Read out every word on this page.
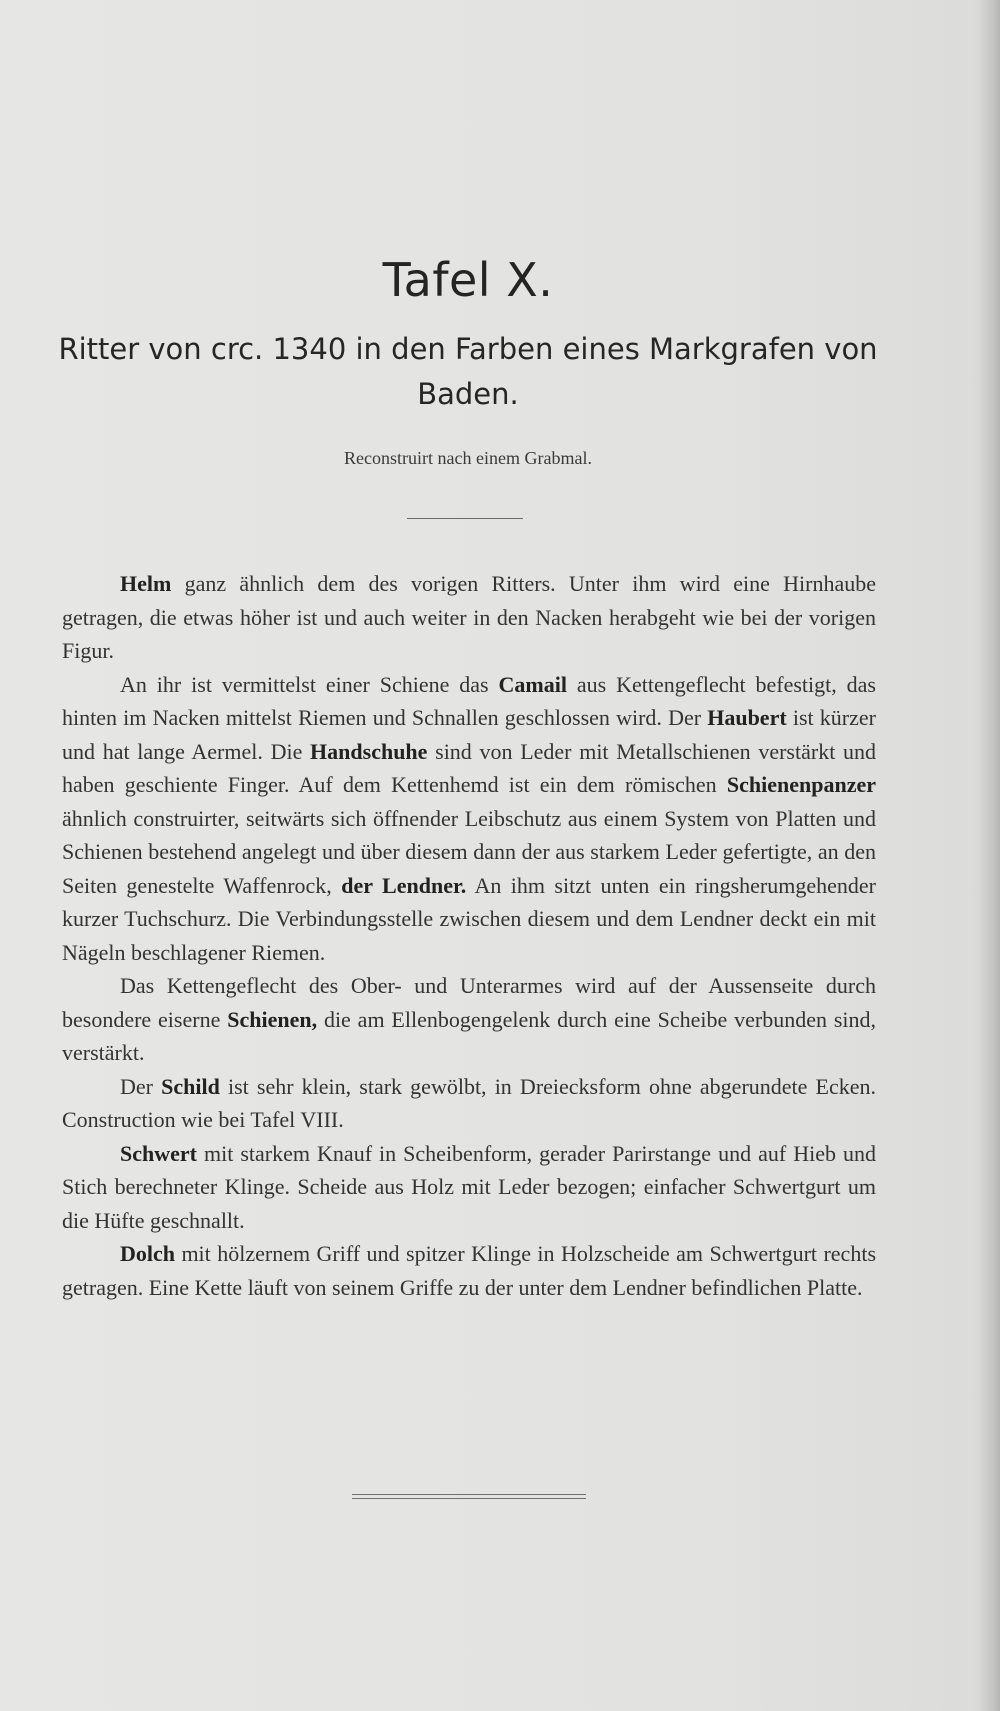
Tafel X.
Ritter von crc. 1340 in den Farben eines Markgrafen von Baden.
Reconstruirt nach einem Grabmal.

Helm ganz ähnlich dem des vorigen Ritters. Unter ihm wird eine Hirnhaube getragen, die etwas höher ist und auch weiter in den Nacken herabgeht wie bei der vorigen Figur.

An ihr ist vermittelst einer Schiene das Camail aus Kettengeflecht befestigt, das hinten im Nacken mittelst Riemen und Schnallen geschlossen wird. Der Haubert ist kürzer und hat lange Aermel. Die Handschuhe sind von Leder mit Metallschienen verstärkt und haben geschiente Finger. Auf dem Kettenhemd ist ein dem römischen Schienenpanzer ähnlich construirter, seitwärts sich öffnender Leibschutz aus einem System von Platten und Schienen bestehend angelegt und über diesem dann der aus starkem Leder gefertigte, an den Seiten genestelte Waffenrock, der Lendner. An ihm sitzt unten ein ringsherumgehender kurzer Tuchschurz. Die Verbindungsstelle zwischen diesem und dem Lendner deckt ein mit Nägeln beschlagener Riemen.

Das Kettengeflecht des Ober- und Unterarmes wird auf der Aussenseite durch besondere eiserne Schienen, die am Ellenbogengelenk durch eine Scheibe verbunden sind, verstärkt.

Der Schild ist sehr klein, stark gewölbt, in Dreiecksform ohne abgerundete Ecken. Construction wie bei Tafel VIII.

Schwert mit starkem Knauf in Scheibenform, gerader Parirstange und auf Hieb und Stich berechneter Klinge. Scheide aus Holz mit Leder bezogen; einfacher Schwertgurt um die Hüfte geschnallt.

Dolch mit hölzernem Griff und spitzer Klinge in Holzscheide am Schwertgurt rechts getragen. Eine Kette läuft von seinem Griffe zu der unter dem Lendner befindlichen Platte.
